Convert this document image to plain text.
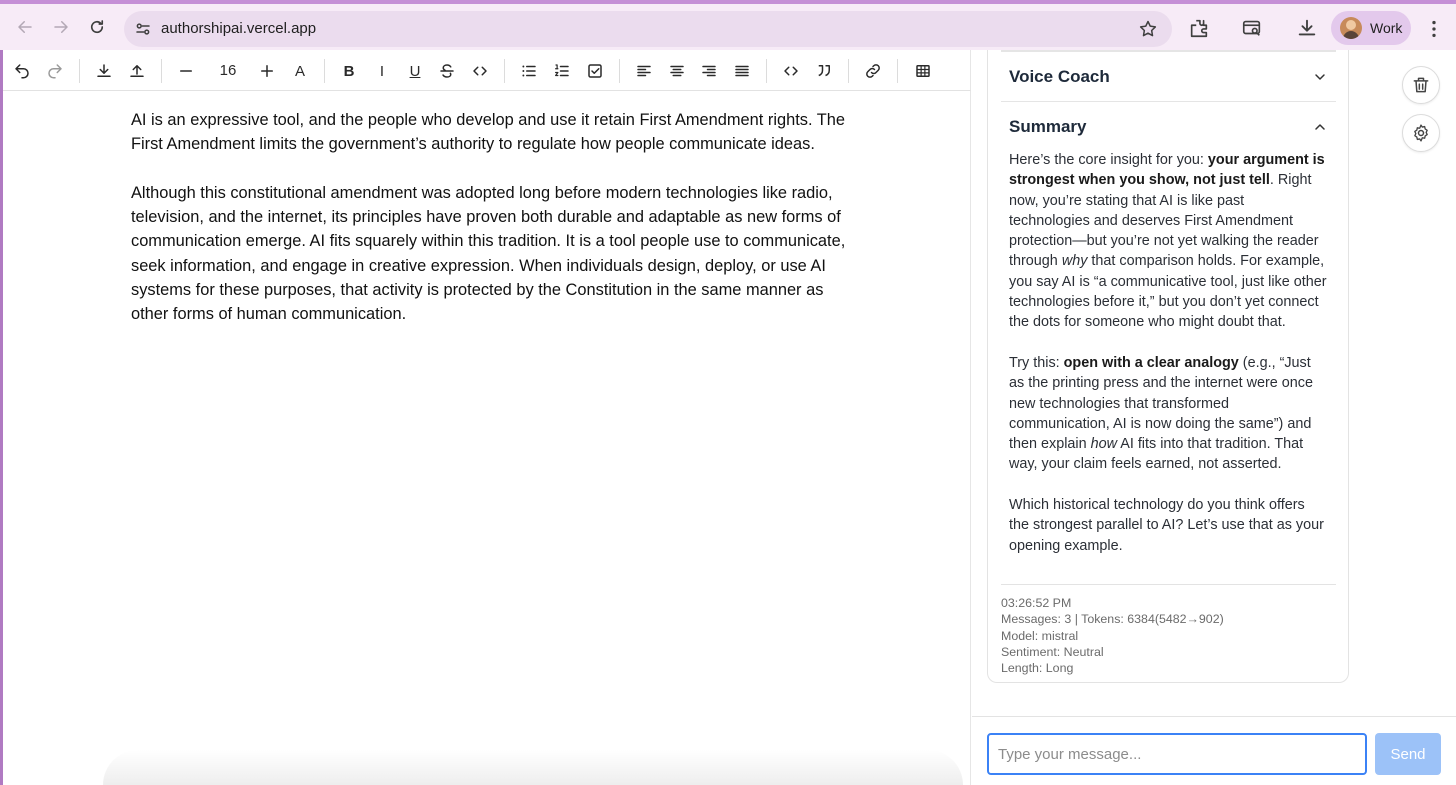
authorshipai.vercel.app	Work
16	A	B	I	U

AI is an expressive tool, and the people who develop and use it retain First Amendment rights. The First Amendment limits the government’s authority to regulate how people communicate ideas.

Although this constitutional amendment was adopted long before modern technologies like radio, television, and the internet, its principles have proven both durable and adaptable as new forms of communication emerge. AI fits squarely within this tradition. It is a tool people use to communicate, seek information, and engage in creative expression. When individuals design, deploy, or use AI systems for these purposes, that activity is protected by the Constitution in the same manner as other forms of human communication.

Voice Coach
Summary

Here’s the core insight for you: your argument is strongest when you show, not just tell. Right now, you’re stating that AI is like past technologies and deserves First Amendment protection—but you’re not yet walking the reader through why that comparison holds. For example, you say AI is “a communicative tool, just like other technologies before it,” but you don’t yet connect the dots for someone who might doubt that.

Try this: open with a clear analogy (e.g., “Just as the printing press and the internet were once new technologies that transformed communication, AI is now doing the same”) and then explain how AI fits into that tradition. That way, your claim feels earned, not asserted.

Which historical technology do you think offers the strongest parallel to AI? Let’s use that as your opening example.

03:26:52 PM
Messages: 3 | Tokens: 6384(5482→902)
Model: mistral
Sentiment: Neutral
Length: Long
Type your message...
Send
